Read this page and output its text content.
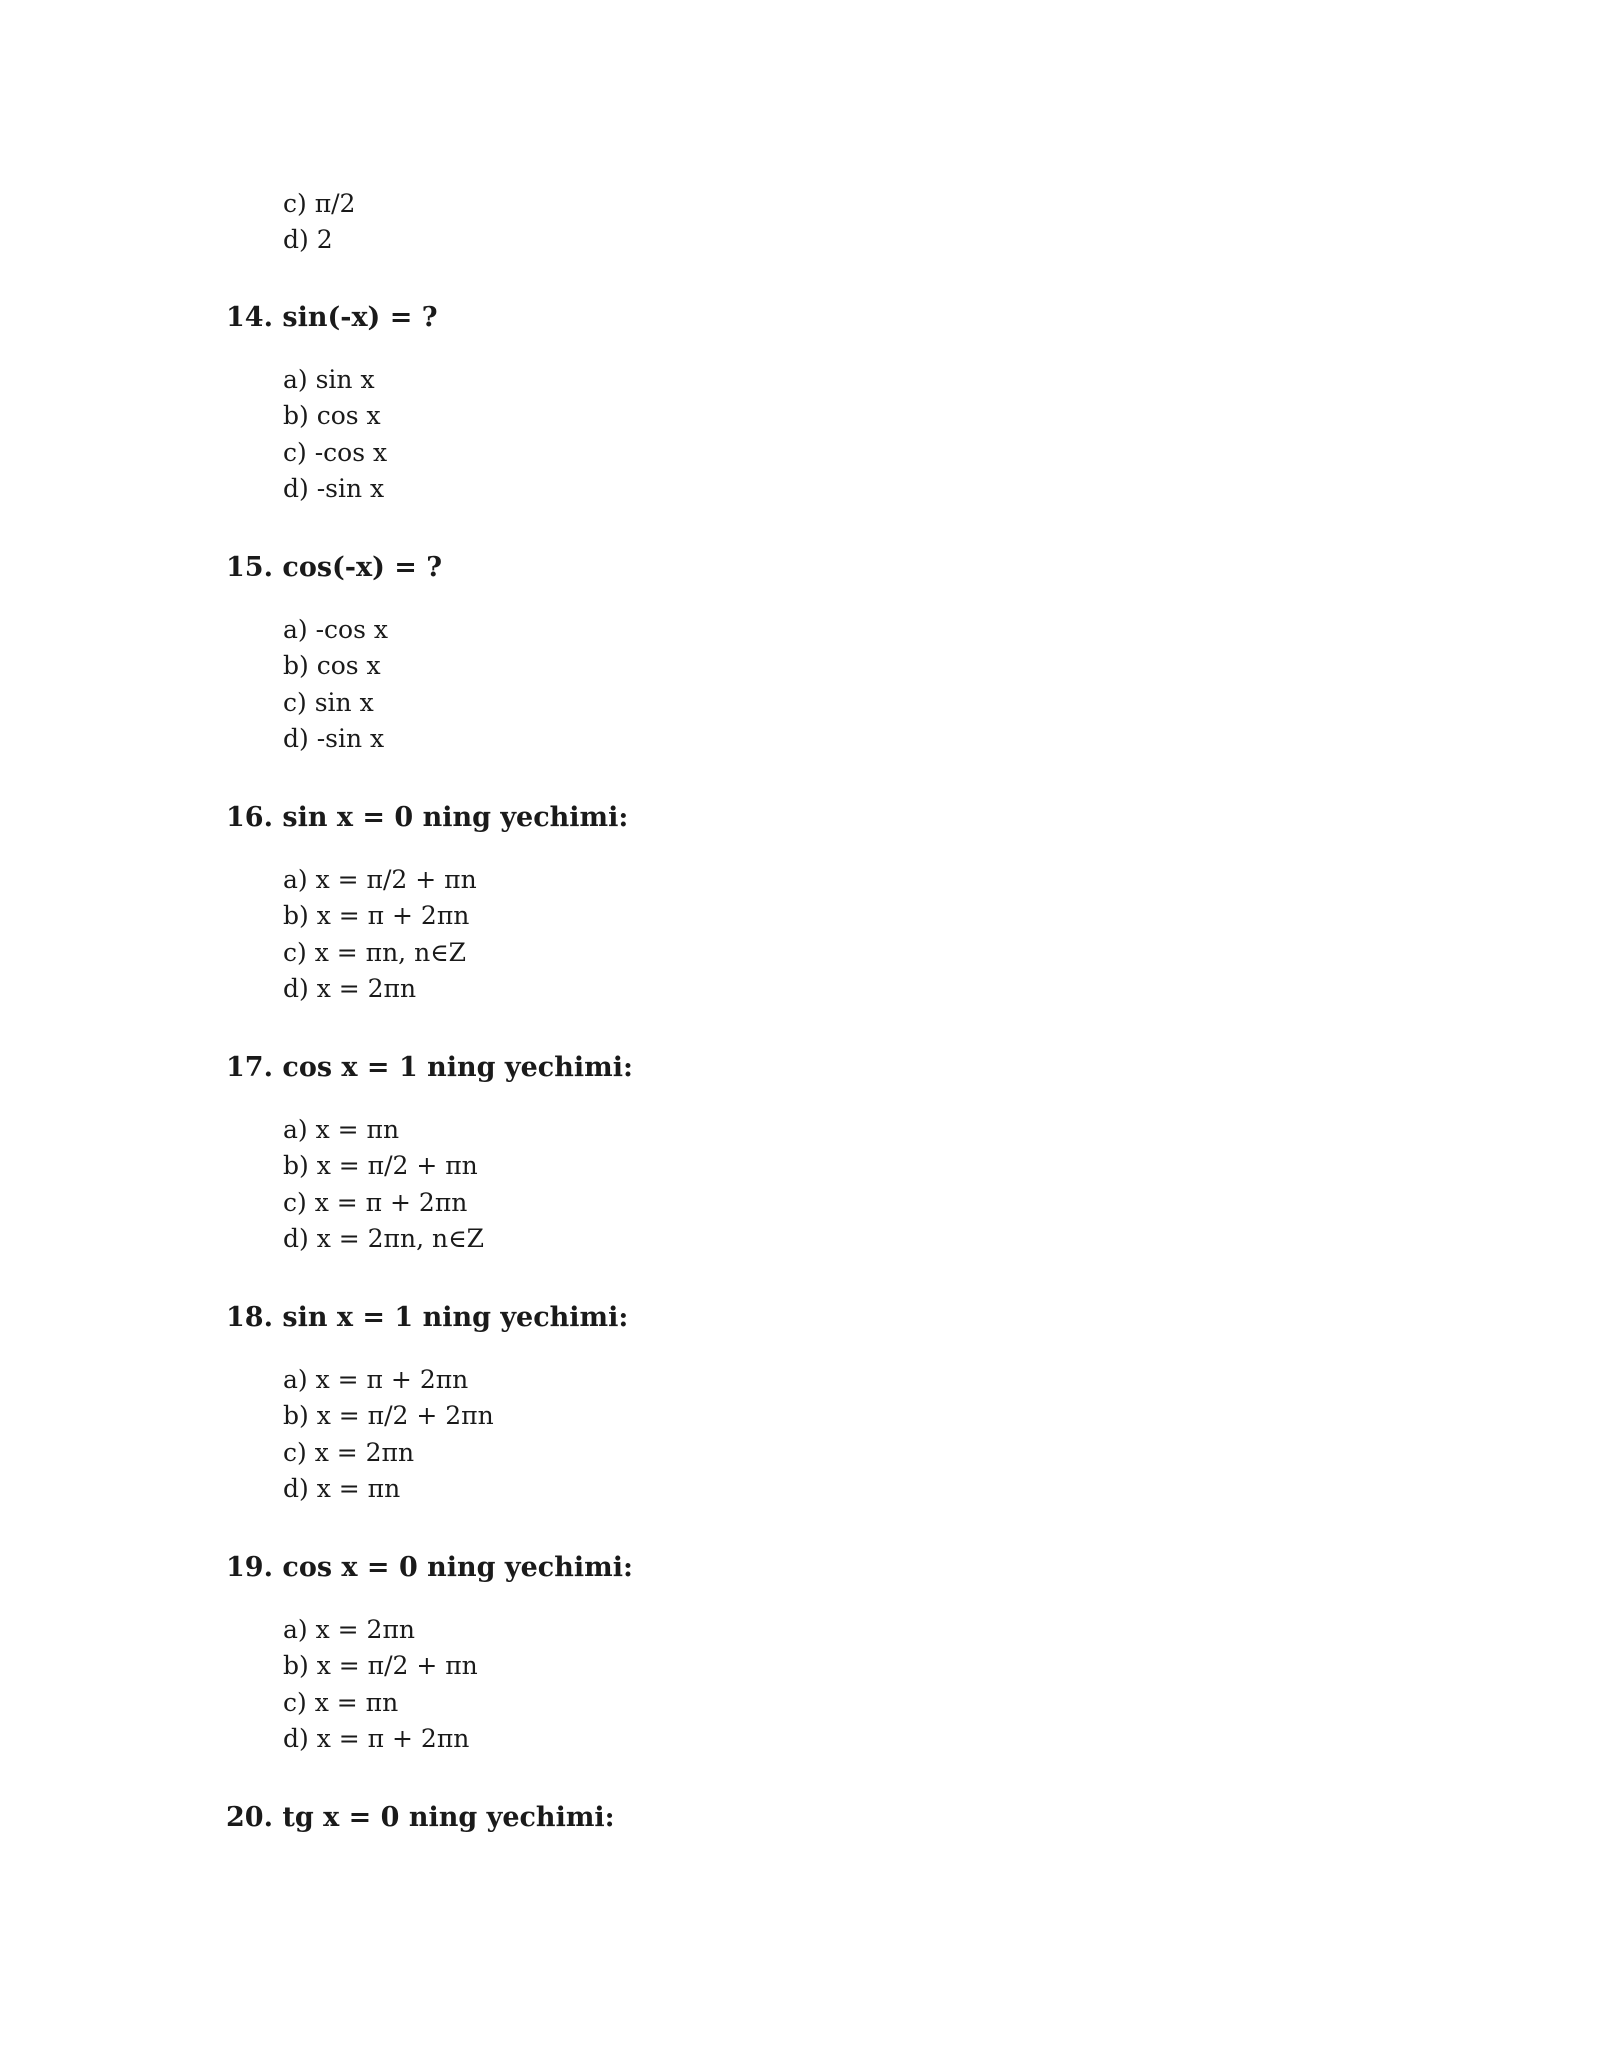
c) π/2
d) 2
14. sin(-x) = ?
a) sin x
b) cos x
c) -cos x
d) -sin x
15. cos(-x) = ?
a) -cos x
b) cos x
c) sin x
d) -sin x
16. sin x = 0 ning yechimi:
a) x = π/2 + πn
b) x = π + 2πn
c) x = πn, n∈Z
d) x = 2πn
17. cos x = 1 ning yechimi:
a) x = πn
b) x = π/2 + πn
c) x = π + 2πn
d) x = 2πn, n∈Z
18. sin x = 1 ning yechimi:
a) x = π + 2πn
b) x = π/2 + 2πn
c) x = 2πn
d) x = πn
19. cos x = 0 ning yechimi:
a) x = 2πn
b) x = π/2 + πn
c) x = πn
d) x = π + 2πn
20. tg x = 0 ning yechimi:
